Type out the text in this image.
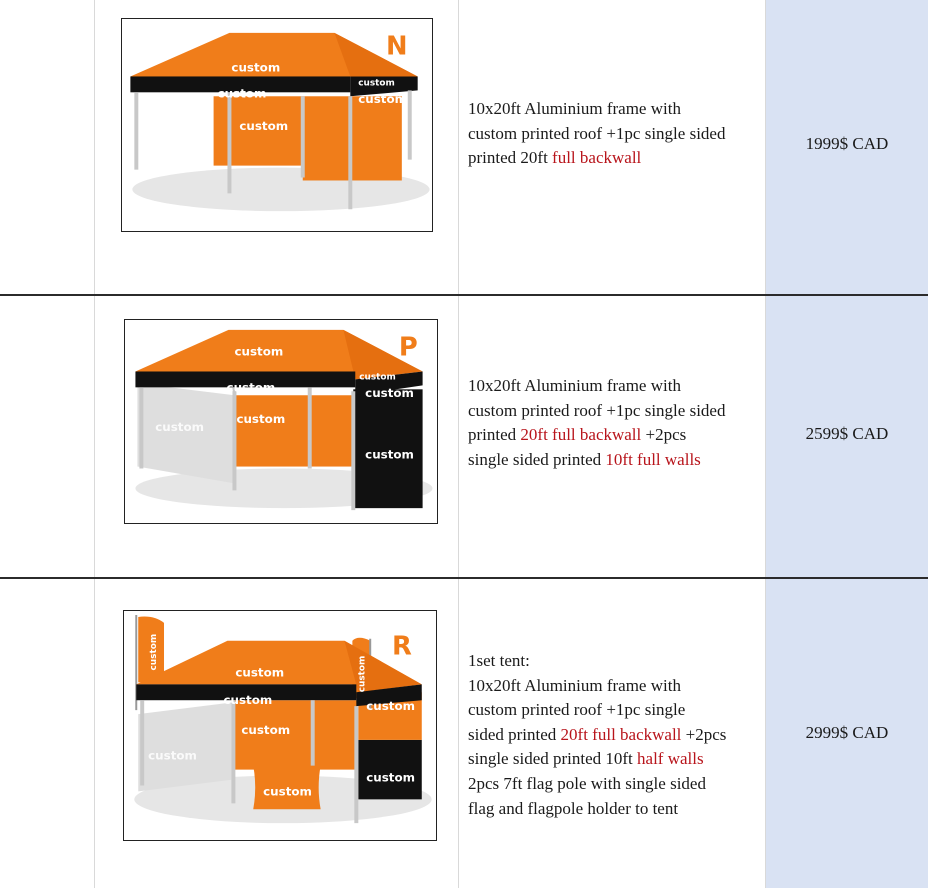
custom
custom
custom
custom
custom
N
10x20ft Aluminium frame with
custom printed roof +1pc single sided
printed 20ft full backwall
1999$ CAD
custom
custom
custom
custom
custom
custom
custom
P
10x20ft Aluminium frame with
custom printed roof +1pc single sided
printed 20ft full backwall +2pcs
single sided printed 10ft full walls
2599$ CAD
custom
custom
custom
custom
custom
custom
custom
custom
custom
R	1set tent:
10x20ft Aluminium frame with
custom printed roof +1pc single
sided printed 20ft full backwall +2pcs
single sided printed 10ft half walls
2pcs 7ft flag pole with single sided
flag and flagpole holder to tent
2999$ CAD
